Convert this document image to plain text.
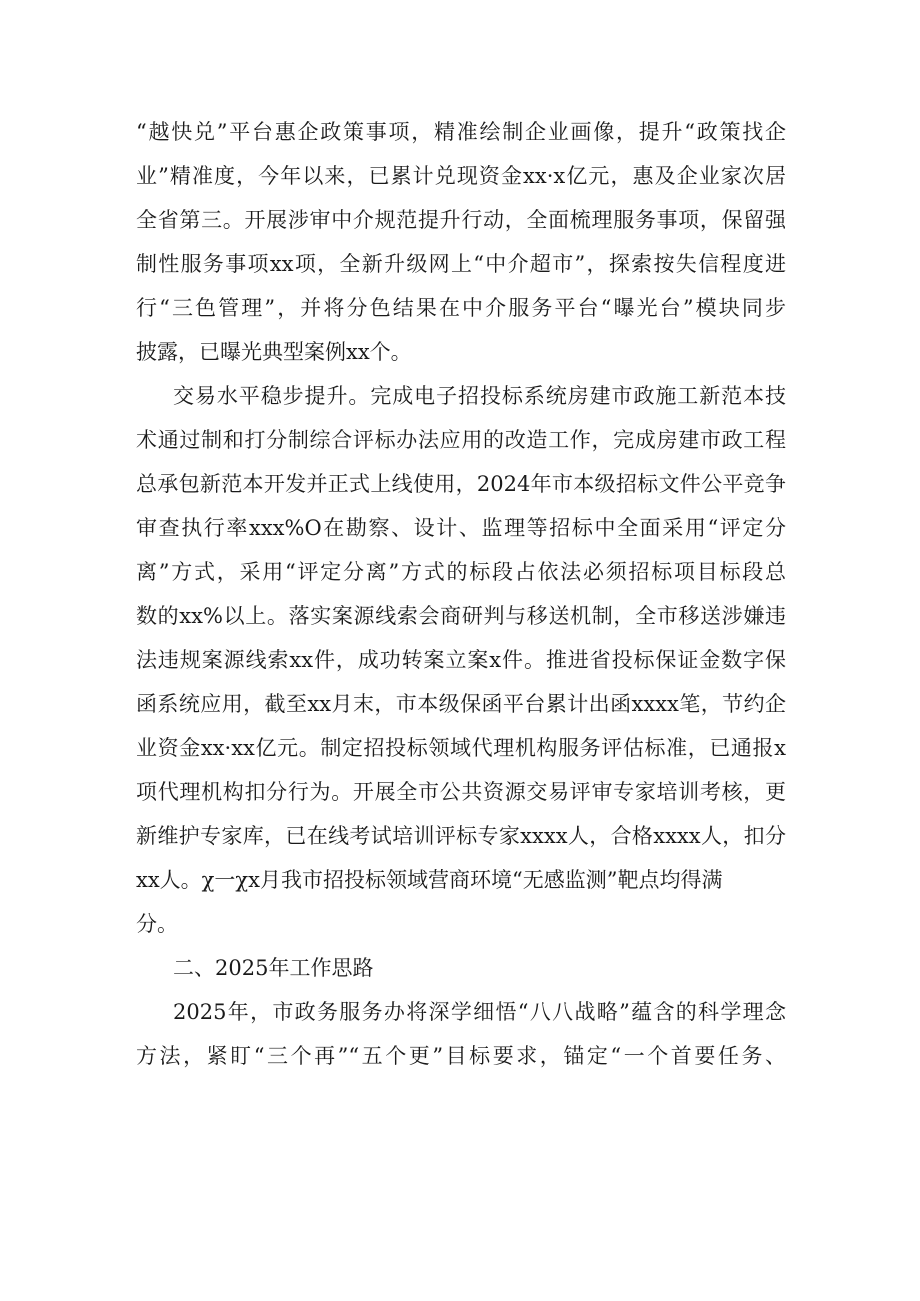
“越快兑”平台惠企政策事项，精准绘制企业画像，提升“政策找企
业”精准度，今年以来，已累计兑现资金xx·x亿元，惠及企业家次居
全省第三。开展涉审中介规范提升行动，全面梳理服务事项，保留强
制性服务事项xx项，全新升级网上“中介超市”，探索按失信程度进
行“三色管理”，并将分色结果在中介服务平台“曝光台”模块同步
披露，已曝光典型案例xx个。
交易水平稳步提升。完成电子招投标系统房建市政施工新范本技
术通过制和打分制综合评标办法应用的改造工作，完成房建市政工程
总承包新范本开发并正式上线使用，2024年市本级招标文件公平竞争
审查执行率xxx%O在勘察、设计、监理等招标中全面采用“评定分
离”方式，采用“评定分离”方式的标段占依法必须招标项目标段总
数的xx%以上。落实案源线索会商研判与移送机制，全市移送涉嫌违
法违规案源线索xx件，成功转案立案x件。推进省投标保证金数字保
函系统应用，截至xx月末，市本级保函平台累计出函xxxx笔，节约企
业资金xx·xx亿元。制定招投标领域代理机构服务评估标准，已通报x
项代理机构扣分行为。开展全市公共资源交易评审专家培训考核，更
新维护专家库，已在线考试培训评标专家xxxx人，合格xxxx人，扣分
xx人。χ一χx月我市招投标领域营商环境“无感监测”靶点均得满
分。
二、2025年工作思路
2025年，市政务服务办将深学细悟“八八战略”蕴含的科学理念
方法，紧盯“三个再”“五个更”目标要求，锚定“一个首要任务、
